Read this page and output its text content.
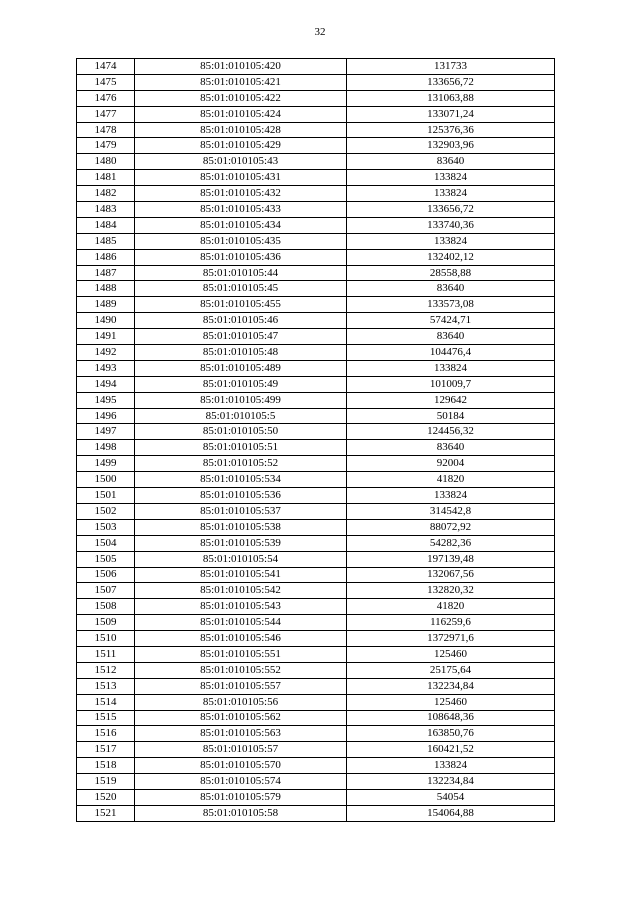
32
1474	85:01:010105:420	131733
1475	85:01:010105:421	133656,72
1476	85:01:010105:422	131063,88
1477	85:01:010105:424	133071,24
1478	85:01:010105:428	125376,36
1479	85:01:010105:429	132903,96
1480	85:01:010105:43	83640
1481	85:01:010105:431	133824
1482	85:01:010105:432	133824
1483	85:01:010105:433	133656,72
1484	85:01:010105:434	133740,36
1485	85:01:010105:435	133824
1486	85:01:010105:436	132402,12
1487	85:01:010105:44	28558,88
1488	85:01:010105:45	83640
1489	85:01:010105:455	133573,08
1490	85:01:010105:46	57424,71
1491	85:01:010105:47	83640
1492	85:01:010105:48	104476,4
1493	85:01:010105:489	133824
1494	85:01:010105:49	101009,7
1495	85:01:010105:499	129642
1496	85:01:010105:5	50184
1497	85:01:010105:50	124456,32
1498	85:01:010105:51	83640
1499	85:01:010105:52	92004
1500	85:01:010105:534	41820
1501	85:01:010105:536	133824
1502	85:01:010105:537	314542,8
1503	85:01:010105:538	88072,92
1504	85:01:010105:539	54282,36
1505	85:01:010105:54	197139,48
1506	85:01:010105:541	132067,56
1507	85:01:010105:542	132820,32
1508	85:01:010105:543	41820
1509	85:01:010105:544	116259,6
1510	85:01:010105:546	1372971,6
1511	85:01:010105:551	125460
1512	85:01:010105:552	25175,64
1513	85:01:010105:557	132234,84
1514	85:01:010105:56	125460
1515	85:01:010105:562	108648,36
1516	85:01:010105:563	163850,76
1517	85:01:010105:57	160421,52
1518	85:01:010105:570	133824
1519	85:01:010105:574	132234,84
1520	85:01:010105:579	54054
1521	85:01:010105:58	154064,88
